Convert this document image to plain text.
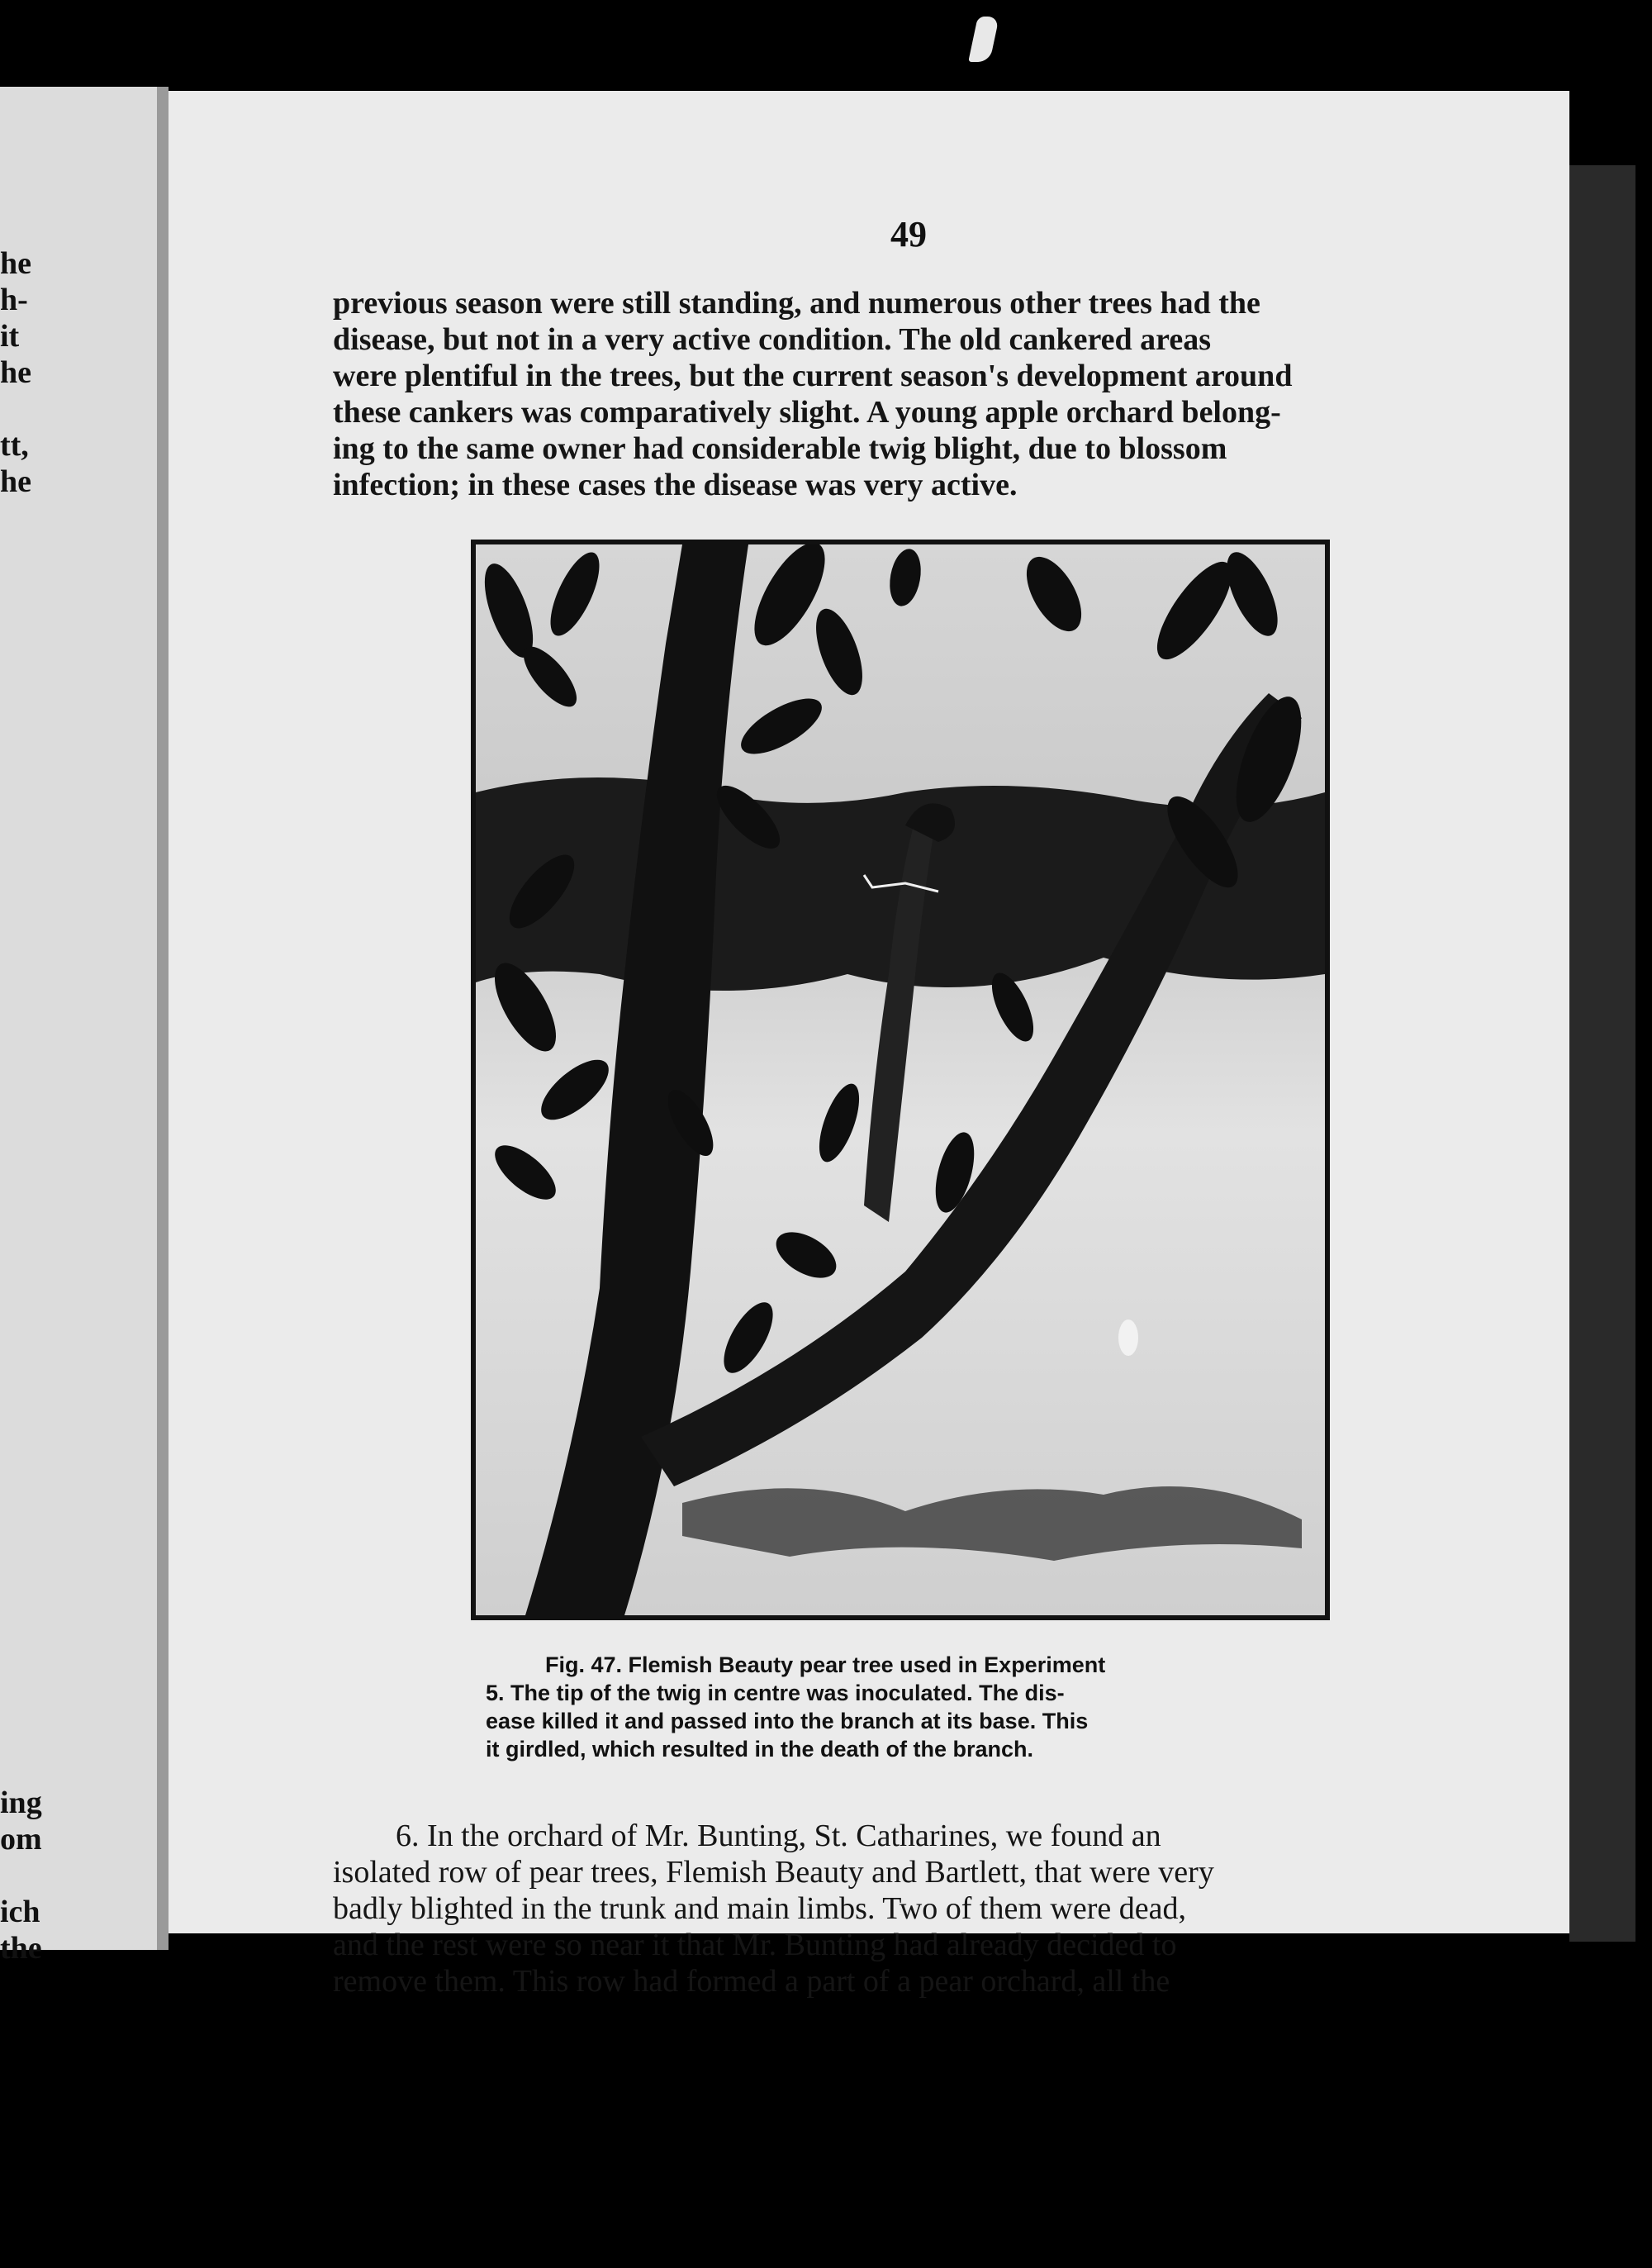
he
h-
it
he

tt,
he
ing
om

ich
the
49
previous season were still standing, and numerous other trees had the
disease, but not in a very active condition. The old cankered areas
were plentiful in the trees, but the current season's development around
these cankers was comparatively slight. A young apple orchard belong-
ing to the same owner had considerable twig blight, due to blossom
infection; in these cases the disease was very active.
Fig. 47. Flemish Beauty pear tree used in Experiment
5. The tip of the twig in centre was inoculated. The dis-
ease killed it and passed into the branch at its base. This
it girdled, which resulted in the death of the branch.
6. In the orchard of Mr. Bunting, St. Catharines, we found an
isolated row of pear trees, Flemish Beauty and Bartlett, that were very
badly blighted in the trunk and main limbs. Two of them were dead,
and the rest were so near it that Mr. Bunting had already decided to
remove them. This row had formed a part of a pear orchard, all the
